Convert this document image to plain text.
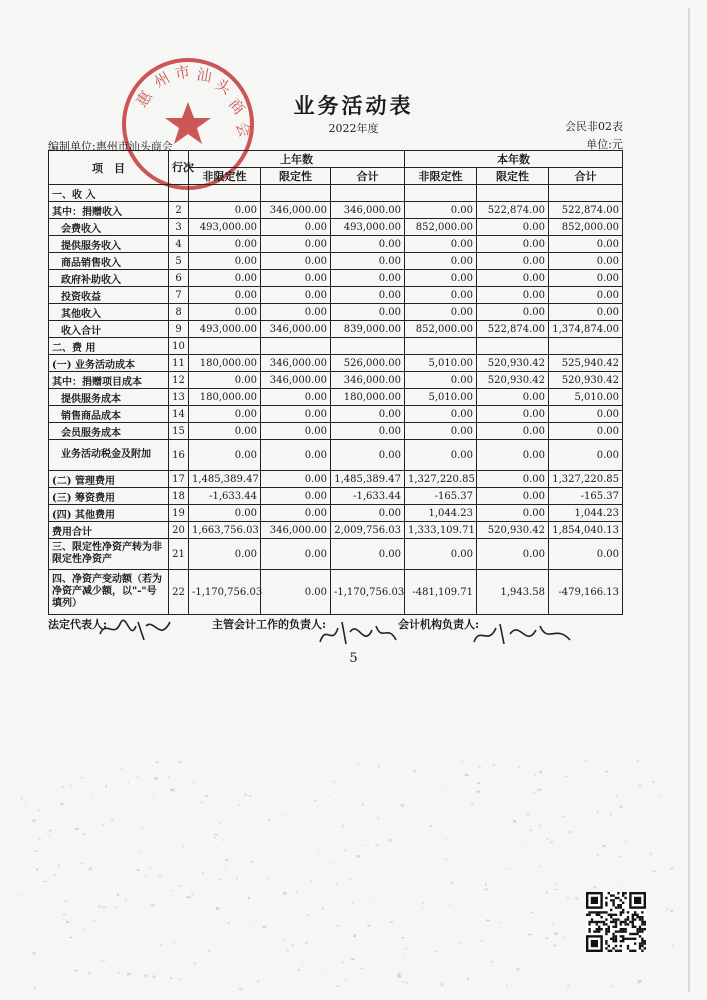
惠
州 市 汕
头
商
会
业务活动表
2022年度	会民非02表
单位:元
编制单位:惠州市汕头商会
项　目	行次	上年数			本年数		
		非限定性	限定性	合计	非限定性	限定性	合计
一、收 入							
其中：捐赠收入	2	0.00	346,000.00	346,000.00	0.00	522,874.00	522,874.00
会费收入	3	493,000.00	0.00	493,000.00	852,000.00	0.00	852,000.00
提供服务收入	4	0.00	0.00	0.00	0.00	0.00	0.00
商品销售收入	5	0.00	0.00	0.00	0.00	0.00	0.00
政府补助收入	6	0.00	0.00	0.00	0.00	0.00	0.00
投资收益	7	0.00	0.00	0.00	0.00	0.00	0.00
其他收入	8	0.00	0.00	0.00	0.00	0.00	0.00
收入合计	9	493,000.00	346,000.00	839,000.00	852,000.00	522,874.00	1,374,874.00
二、费 用	10						
(一) 业务活动成本	11	180,000.00	346,000.00	526,000.00	5,010.00	520,930.42	525,940.42
其中：捐赠项目成本	12	0.00	346,000.00	346,000.00	0.00	520,930.42	520,930.42
提供服务成本	13	180,000.00	0.00	180,000.00	5,010.00	0.00	5,010.00
销售商品成本	14	0.00	0.00	0.00	0.00	0.00	0.00
会员服务成本	15	0.00	0.00	0.00	0.00	0.00	0.00
业务活动税金及附加	16	0.00	0.00	0.00	0.00	0.00	0.00
(二) 管理费用	17	1,485,389.47	0.00	1,485,389.47	1,327,220.85	0.00	1,327,220.85
(三) 筹资费用	18	-1,633.44	0.00	-1,633.44	-165.37	0.00	-165.37
(四) 其他费用	19	0.00	0.00	0.00	1,044.23	0.00	1,044.23
费用合计	20	1,663,756.03	346,000.00	2,009,756.03	1,333,109.71	520,930.42	1,854,040.13
三、限定性净资产转为非限定性净资产	21	0.00	0.00	0.00	0.00	0.00	0.00
四、净资产变动额（若为净资产减少额，以"-"号填列）	22	-1,170,756.03	0.00	-1,170,756.03	-481,109.71	1,943.58	-479,166.13
法定代表人:	主管会计工作的负责人:	会计机构负责人:
5
